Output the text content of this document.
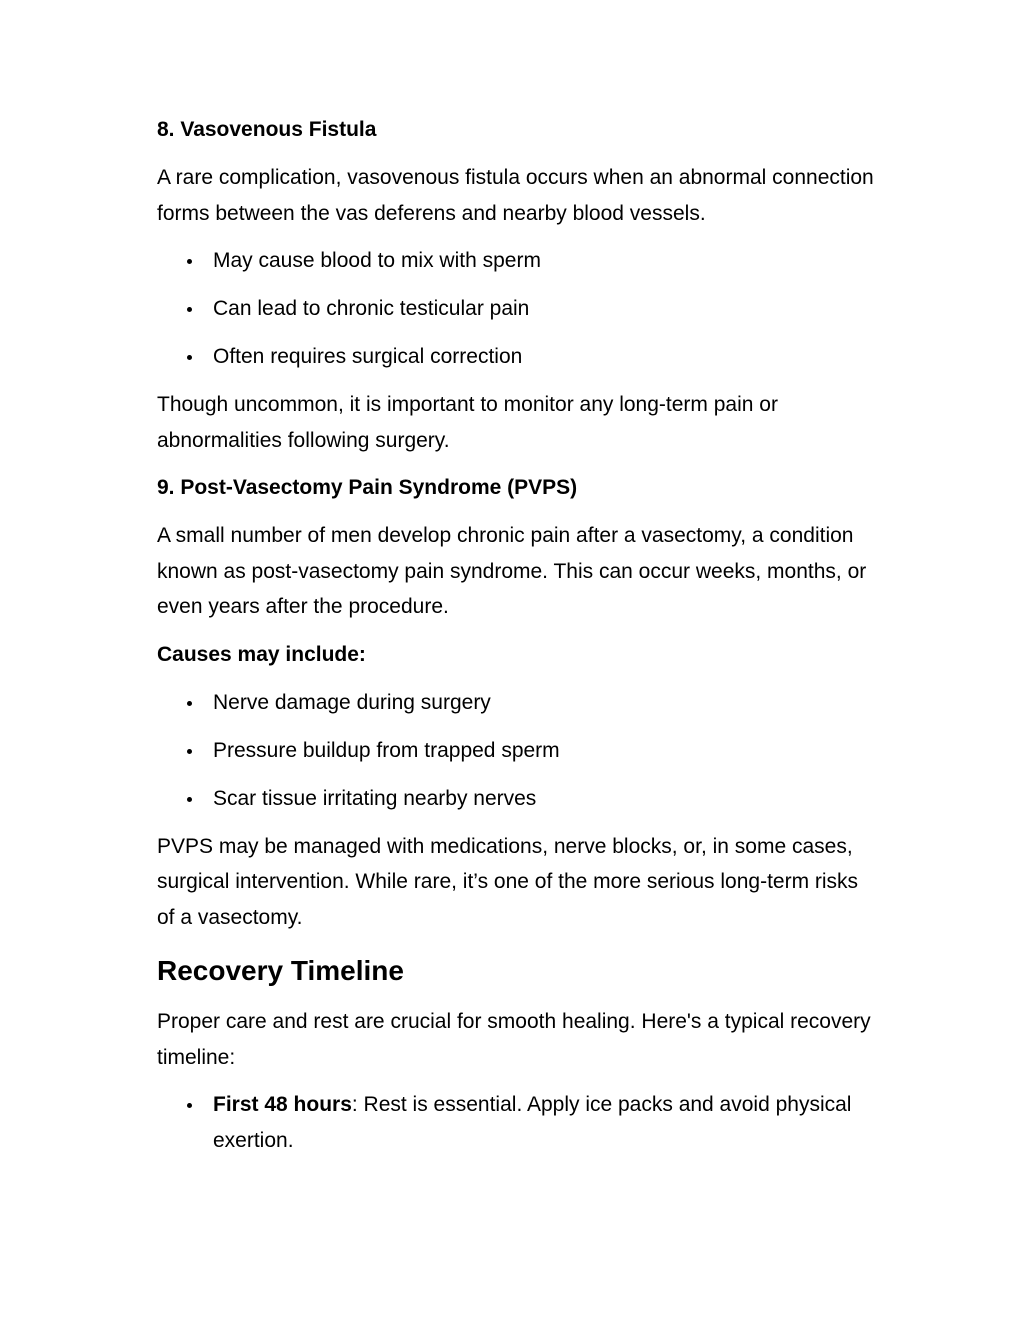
8. Vasovenous Fistula
A rare complication, vasovenous fistula occurs when an abnormal connection forms between the vas deferens and nearby blood vessels.
May cause blood to mix with sperm
Can lead to chronic testicular pain
Often requires surgical correction
Though uncommon, it is important to monitor any long-term pain or abnormalities following surgery.
9. Post-Vasectomy Pain Syndrome (PVPS)
A small number of men develop chronic pain after a vasectomy, a condition known as post-vasectomy pain syndrome. This can occur weeks, months, or even years after the procedure.
Causes may include:
Nerve damage during surgery
Pressure buildup from trapped sperm
Scar tissue irritating nearby nerves
PVPS may be managed with medications, nerve blocks, or, in some cases, surgical intervention. While rare, it’s one of the more serious long-term risks of a vasectomy.
Recovery Timeline
Proper care and rest are crucial for smooth healing. Here's a typical recovery timeline:
First 48 hours: Rest is essential. Apply ice packs and avoid physical exertion.
